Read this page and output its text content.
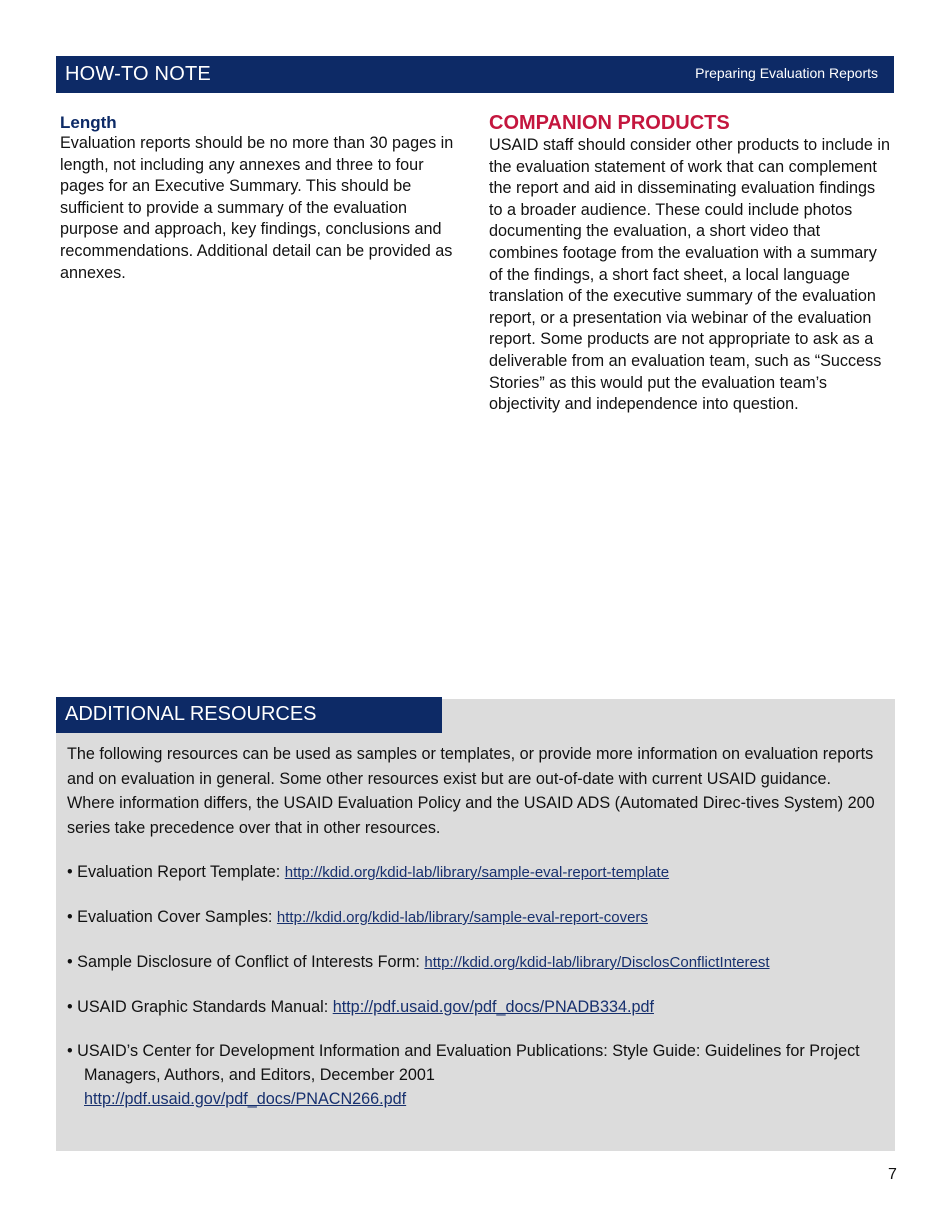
HOW-TO NOTE	Preparing Evaluation Reports
Length

Evaluation reports should be no more than 30 pages in length, not including any annexes and three to four pages for an Executive Summary. This should be sufficient to provide a summary of the evaluation purpose and approach, key findings, conclusions and recommendations. Additional detail can be provided as annexes.

COMPANION PRODUCTS

USAID staff should consider other products to include in the evaluation statement of work that can complement the report and aid in disseminating evaluation findings to a broader audience. These could include photos documenting the evaluation, a short video that combines footage from the evaluation with a summary of the findings, a short fact sheet, a local language translation of the executive summary of the evaluation report, or a presentation via webinar of the evaluation report. Some products are not appropriate to ask as a deliverable from an evaluation team, such as “Success Stories” as this would put the evaluation team’s objectivity and independence into question.

ADDITIONAL RESOURCES

The following resources can be used as samples or templates, or provide more information on evaluation reports and on evaluation in general. Some other resources exist but are out-of-date with current USAID guidance. Where information differs, the USAID Evaluation Policy and the USAID ADS (Automated Direc-tives System) 200 series take precedence over that in other resources.

• Evaluation Report Template: http://kdid.org/kdid-lab/library/sample-eval-report-template
• Evaluation Cover Samples: http://kdid.org/kdid-lab/library/sample-eval-report-covers
• Sample Disclosure of Conflict of Interests Form: http://kdid.org/kdid-lab/library/DisclosConflictInterest
• USAID Graphic Standards Manual: http://pdf.usaid.gov/pdf_docs/PNADB334.pdf
• USAID’s Center for Development Information and Evaluation Publications: Style Guide: Guidelines for Project Managers, Authors, and Editors, December 2001
http://pdf.usaid.gov/pdf_docs/PNACN266.pdf
7
